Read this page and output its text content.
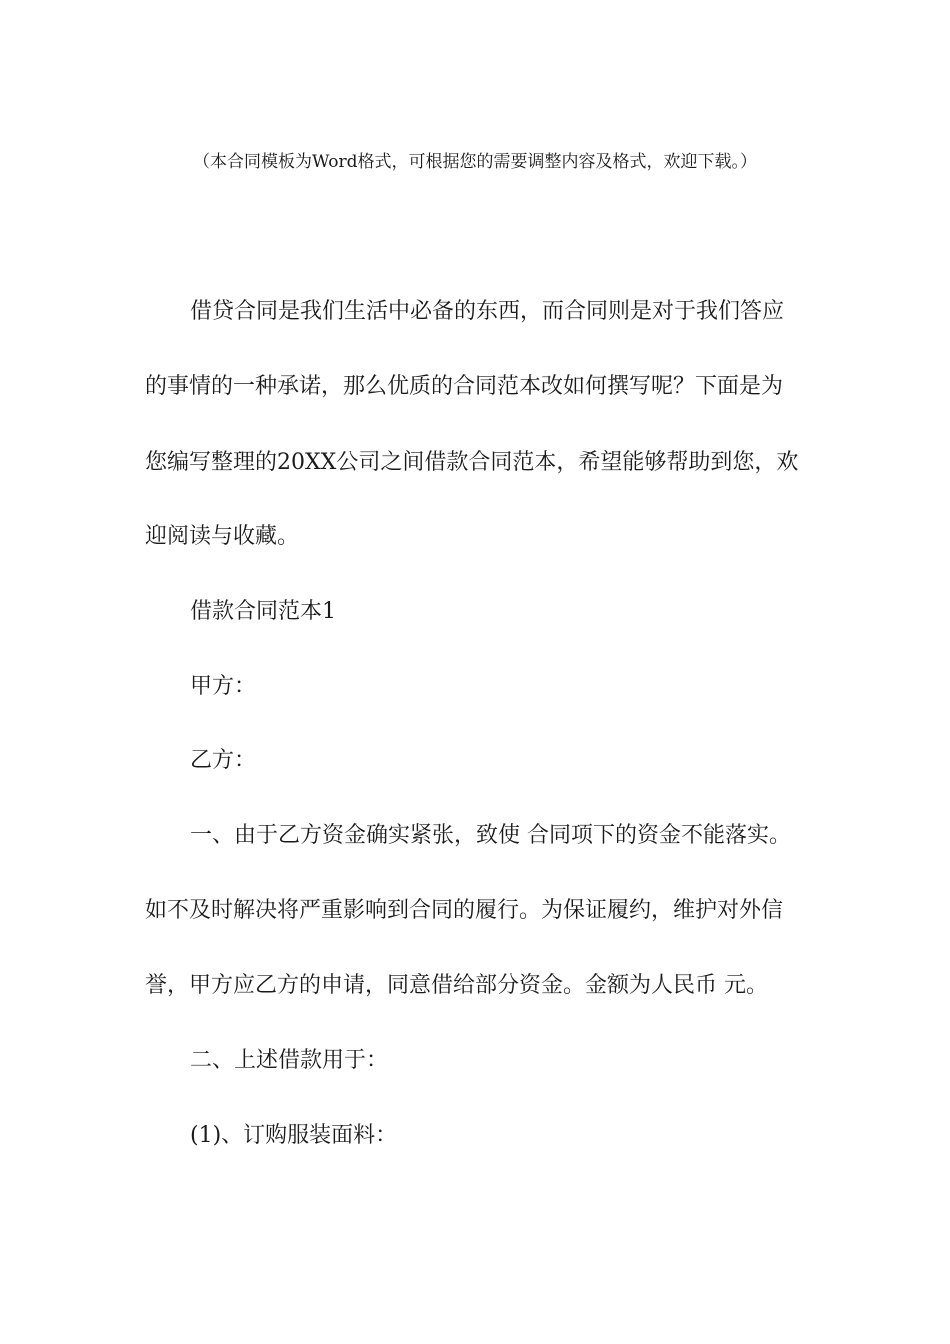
（本合同模板为Word格式，可根据您的需要调整内容及格式，欢迎下载。）
借贷合同是我们生活中必备的东西，而合同则是对于我们答应
的事情的一种承诺，那么优质的合同范本改如何撰写呢？下面是为
您编写整理的20XX公司之间借款合同范本，希望能够帮助到您，欢
迎阅读与收藏。
借款合同范本1
甲方：
乙方：
一、由于乙方资金确实紧张，致使 合同项下的资金不能落实。
如不及时解决将严重影响到合同的履行。为保证履约，维护对外信
誉，甲方应乙方的申请，同意借给部分资金。金额为人民币 元。
二、上述借款用于：
(1)、订购服装面料：
